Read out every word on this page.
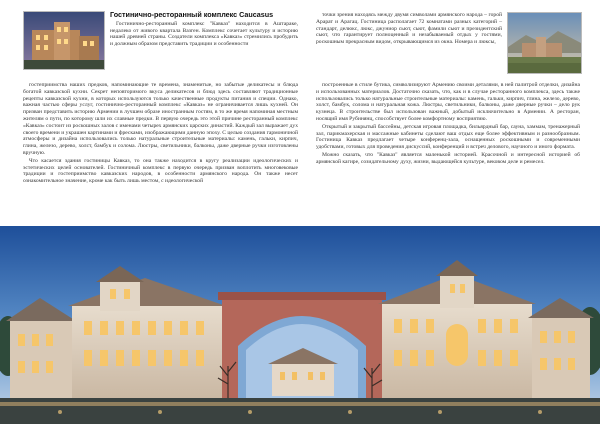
Гостинично-ресторанный комплекс Caucasus

Гостинично-ресторанный комплекс "Кавказ" находится в Аштараке, недалеко от живого квартала Вазген. Комплекс сочетает культуру и историю нашей древней страны. Создатели комплекса «Кавказ» стремились пробудить и должным образом представить традиции и особенности

гостеприимства наших предков, напоминающие те времена, знаменитые, но забытые деликатесы и блюда богатой кавказской кухни. Секрет неповторимого вкуса деликатесов и блюд здесь составляют традиционные рецепты кавказской кухни, в которых используются только качественные продукты питания и специи. Однако, важная частью сферы услуг, гостинично-ресторанный комплекс «Кавказ» не ограничивается лишь кухней. Он призван представить историю Армении в лучшем образе иностранным гостям, в то же время напоминая местным жителям о пути, по которому шли их славные предки. В первую очередь это этой причине ресторанный комплекс «Кавказ» состоит из роскошных залов с именами четырех армянских царских династий. Каждый зал выражает дух своего времени и украшен картинами и фресками, изображающими данную эпоху. С целью создания гармоничной атмосферы и дизайна использовались только натуральные строительные материалы: камень, гальки, кирпич, глина, железо, дерево, холст, бамбук и солома. Люстры, светильники, балконы, даже дверные ручки изготовлены вручную.

Что касается здания гостиницы Кавказ, то она также находится в кругу реализации идеологических и эстетических целей основателей. Гостиничный комплекс в первую очередь призван воплотить многовековые традиции и гостеприимство кавказских народов, в особенности армянского народа. Он также несет ознакомительное значение, кроме как быть лишь местом, с идеологической

точки зрения находясь между двумя символами армянского народа – горой Арарат и Арагац. Гостиница располагает 72 комнатами разных категорий – стандарт, делюкс, люкс, джуниор сьют, сьют, фамили сьют и президентский сьют, что гарантирует полноценный и незабываемый отдых у гостями, роскошным прекрасным видом, открывающимся из окна. Номера и люксы,

построенные в стиле бутика, символизируют Армению своими деталями, в ней палитрой отделки, дизайна и использованных материалов. Достаточно сказать, что, как и в случае ресторанного комплекса, здесь также использовались только натуральные строительные материалы: камень, гальки, кирпич, глина, железо, дерево, холст, бамбук, солома и натуральная кожа. Люстры, светильники, балконы, даже дверные ручки – дело рук кузнеца. В строительстве был использован важный, добытый исключительно в Армении. А ресторан, носящий имя Рубинянц, способствует более комфортному восприятию.

Открытый и закрытый бассейны, детская игровая площадка, бильярдный бар, сауна, хаммам, тренажерный зал, парикмахерская и массажные кабинеты сделают ваш отдых еще более эффективным и разнообразным. Гостиница Кавказ предлагает четыре конференц-зала, оснащенных роскошными и современными удобствами, готовых для проведения дискуссий, конференций и встреч делового, научного и иного формата.

Можно сказать, что "Кавказ" является маленькой историей. Красочной и интересной историей об армянской кагире, созидательному духу, жизни, выдающейся культуре, вековом деле и ремесел.
